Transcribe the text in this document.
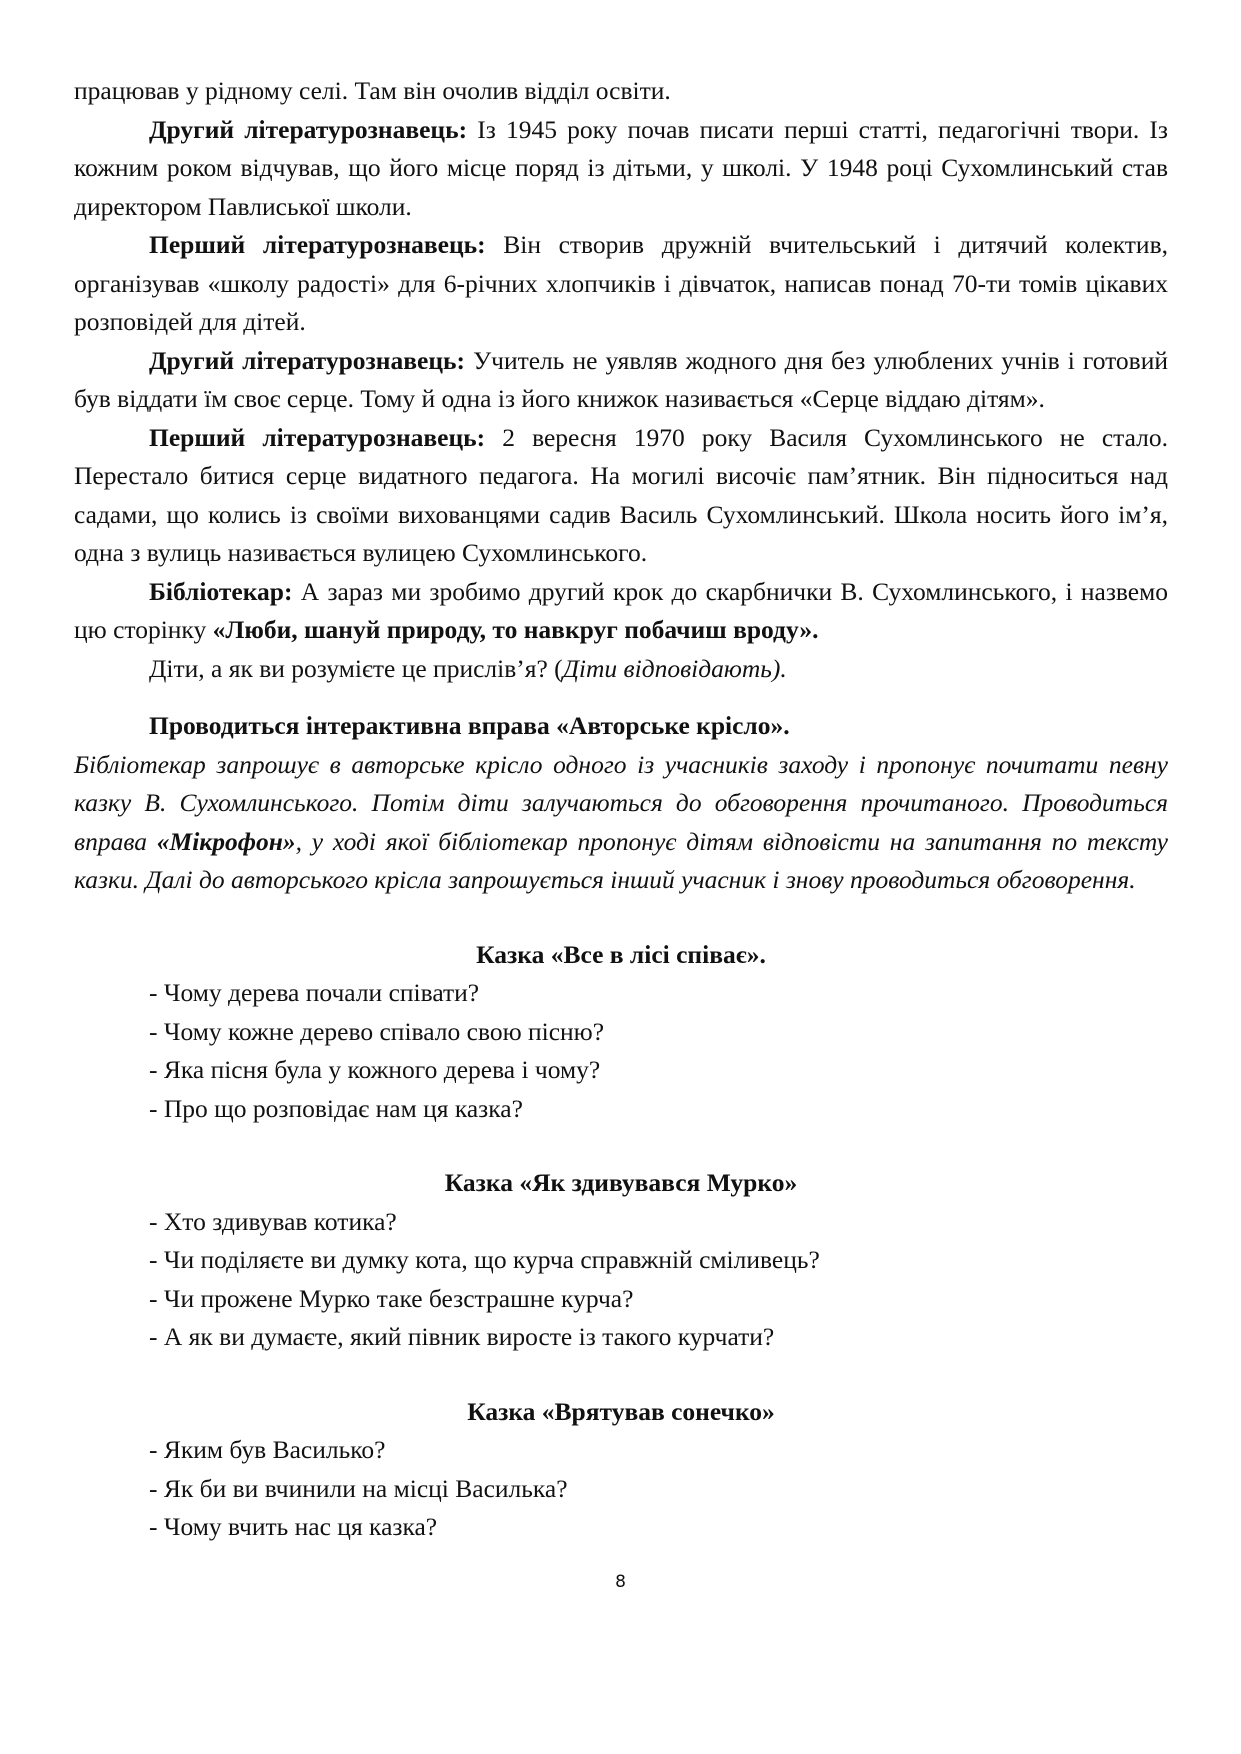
працював у рідному селі. Там він очолив відділ освіти.

Другий літературознавець: Із 1945 року почав писати перші статті, педагогічні твори. Із кожним роком відчував, що його місце поряд із дітьми, у школі. У 1948 році Сухомлинський став директором Павлиської школи.

Перший літературознавець: Він створив дружній вчительський і дитячий колектив, організував «школу радості» для 6-річних хлопчиків і дівчаток, написав понад 70-ти томів цікавих розповідей для дітей.

Другий літературознавець: Учитель не уявляв жодного дня без улюблених учнів і готовий був віддати їм своє серце. Тому й одна із його книжок називається «Серце віддаю дітям».

Перший літературознавець: 2 вересня 1970 року Василя Сухомлинського не стало. Перестало битися серце видатного педагога. На могилі височіє пам’ятник. Він підноситься над садами, що колись із своїми вихованцями садив Василь Сухомлинський. Школа носить його ім’я, одна з вулиць називається вулицею Сухомлинського.

Бібліотекар: А зараз ми зробимо другий крок до скарбнички В. Сухомлинського, і назвемо цю сторінку «Люби, шануй природу, то навкруг побачиш вроду».

Діти, а як ви розумієте це прислів’я? (Діти відповідають).

Проводиться інтерактивна вправа «Авторське крісло».

Бібліотекар запрошує в авторське крісло одного із учасників заходу і пропонує почитати певну казку В. Сухомлинського. Потім діти залучаються до обговорення прочитаного. Проводиться вправа «Мікрофон», у ході якої бібліотекар пропонує дітям відповісти на запитання по тексту казки. Далі до авторського крісла запрошується інший учасник і знову проводиться обговорення.

Казка «Все в лісі співає».

- Чому дерева почали співати?

- Чому кожне дерево співало свою пісню?

- Яка пісня була у кожного дерева і чому?

- Про що розповідає нам ця казка?

Казка «Як здивувався Мурко»

- Хто здивував котика?

- Чи поділяєте ви думку кота, що курча справжній сміливець?

- Чи прожене Мурко таке безстрашне курча?

- А як ви думаєте, який півник виросте із такого курчати?

Казка «Врятував сонечко»

- Яким був Василько?

- Як би ви вчинили на місці Василька?

- Чому вчить нас ця казка?

8
